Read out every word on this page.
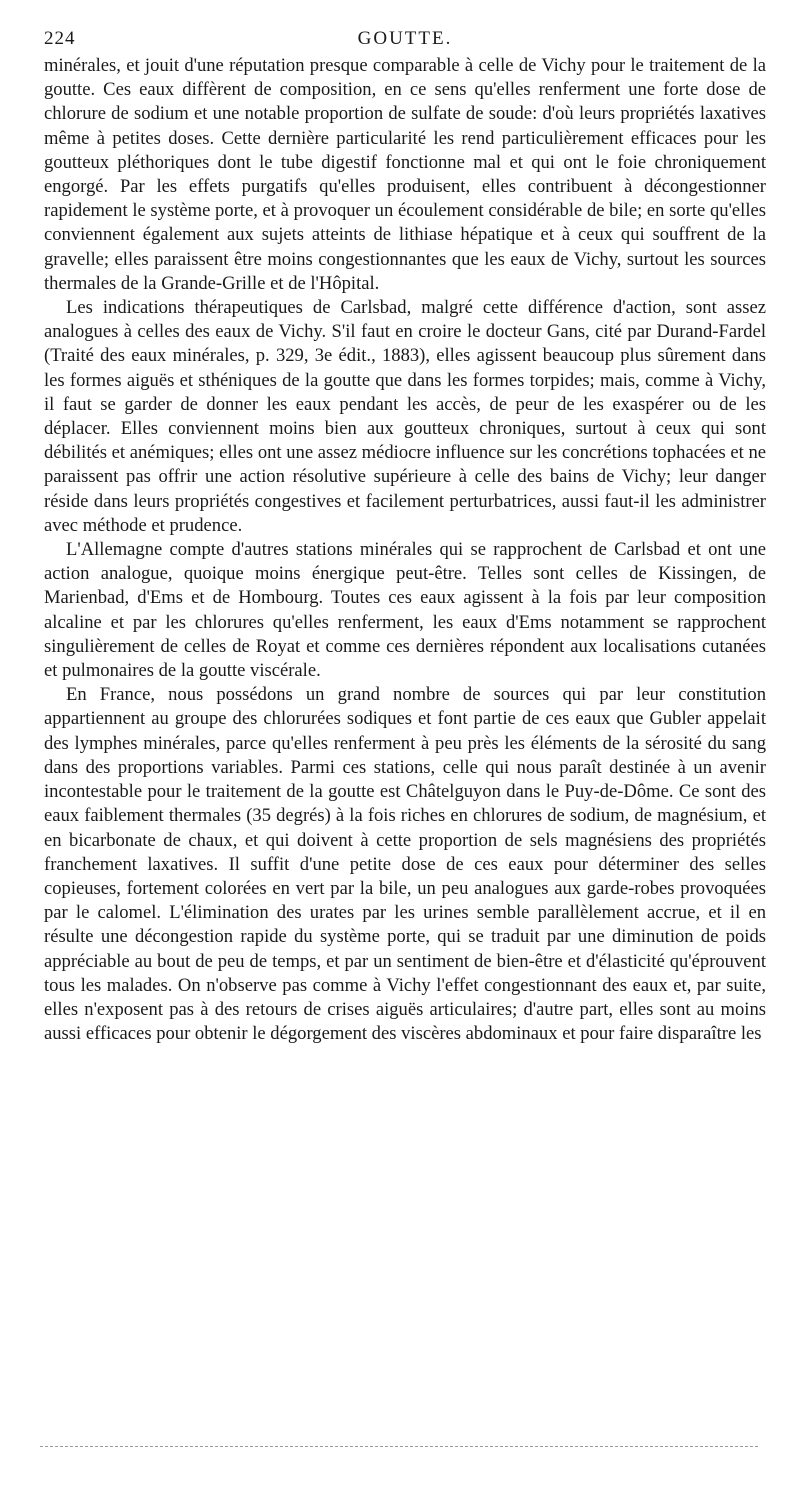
224	GOUTTE.

minérales, et jouit d'une réputation presque comparable à celle de Vichy pour le traitement de la goutte. Ces eaux diffèrent de composition, en ce sens qu'elles renferment une forte dose de chlorure de sodium et une notable proportion de sulfate de soude: d'où leurs propriétés laxatives même à petites doses. Cette dernière particularité les rend particulièrement efficaces pour les goutteux pléthoriques dont le tube digestif fonctionne mal et qui ont le foie chroniquement engorgé. Par les effets purgatifs qu'elles produisent, elles contribuent à décongestionner rapidement le système porte, et à provoquer un écoulement considérable de bile; en sorte qu'elles conviennent également aux sujets atteints de lithiase hépatique et à ceux qui souffrent de la gravelle; elles paraissent être moins congestionnantes que les eaux de Vichy, surtout les sources thermales de la Grande-Grille et de l'Hôpital.

Les indications thérapeutiques de Carlsbad, malgré cette différence d'action, sont assez analogues à celles des eaux de Vichy. S'il faut en croire le docteur Gans, cité par Durand-Fardel (Traité des eaux minérales, p. 329, 3e édit., 1883), elles agissent beaucoup plus sûrement dans les formes aiguës et sthéniques de la goutte que dans les formes torpides; mais, comme à Vichy, il faut se garder de donner les eaux pendant les accès, de peur de les exaspérer ou de les déplacer. Elles conviennent moins bien aux goutteux chroniques, surtout à ceux qui sont débilités et anémiques; elles ont une assez médiocre influence sur les concrétions tophacées et ne paraissent pas offrir une action résolutive supérieure à celle des bains de Vichy; leur danger réside dans leurs propriétés congestives et facilement perturbatrices, aussi faut-il les administrer avec méthode et prudence.

L'Allemagne compte d'autres stations minérales qui se rapprochent de Carlsbad et ont une action analogue, quoique moins énergique peut-être. Telles sont celles de Kissingen, de Marienbad, d'Ems et de Hombourg. Toutes ces eaux agissent à la fois par leur composition alcaline et par les chlorures qu'elles renferment, les eaux d'Ems notamment se rapprochent singulièrement de celles de Royat et comme ces dernières répondent aux localisations cutanées et pulmonaires de la goutte viscérale.

En France, nous possédons un grand nombre de sources qui par leur constitution appartiennent au groupe des chlorurées sodiques et font partie de ces eaux que Gubler appelait des lymphes minérales, parce qu'elles renferment à peu près les éléments de la sérosité du sang dans des proportions variables. Parmi ces stations, celle qui nous paraît destinée à un avenir incontestable pour le traitement de la goutte est Châtelguyon dans le Puy-de-Dôme. Ce sont des eaux faiblement thermales (35 degrés) à la fois riches en chlorures de sodium, de magnésium, et en bicarbonate de chaux, et qui doivent à cette proportion de sels magnésiens des propriétés franchement laxatives. Il suffit d'une petite dose de ces eaux pour déterminer des selles copieuses, fortement colorées en vert par la bile, un peu analogues aux garde-robes provoquées par le calomel. L'élimination des urates par les urines semble parallèlement accrue, et il en résulte une décongestion rapide du système porte, qui se traduit par une diminution de poids appréciable au bout de peu de temps, et par un sentiment de bien-être et d'élasticité qu'éprouvent tous les malades. On n'observe pas comme à Vichy l'effet congestionnant des eaux et, par suite, elles n'exposent pas à des retours de crises aiguës articulaires; d'autre part, elles sont au moins aussi efficaces pour obtenir le dégorgement des viscères abdominaux et pour faire disparaître les
